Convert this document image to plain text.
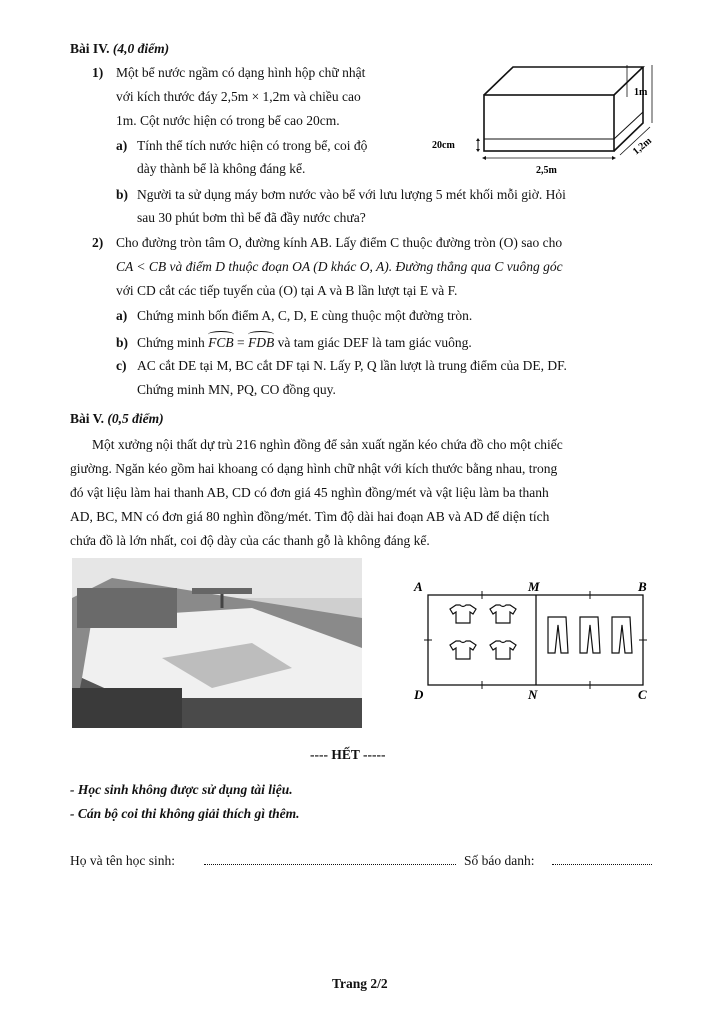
Bài IV. (4,0 điểm)
1) Một bể nước ngầm có dạng hình hộp chữ nhật
với kích thước đáy 2,5m × 1,2m và chiều cao
1m. Cột nước hiện có trong bể cao 20cm.
a) Tính thể tích nước hiện có trong bể, coi độ
dày thành bể là không đáng kể.
20cm
1m
2,5m
1,2m
b) Người ta sử dụng máy bơm nước vào bể với lưu lượng 5 mét khối mỗi giờ. Hỏi
sau 30 phút bơm thì bể đã đầy nước chưa?
2) Cho đường tròn tâm O, đường kính AB. Lấy điểm C thuộc đường tròn (O) sao cho
CA < CB và điểm D thuộc đoạn OA (D khác O, A). Đường thẳng qua C vuông góc
với CD cắt các tiếp tuyến của (O) tại A và B lần lượt tại E và F.
a) Chứng minh bốn điểm A, C, D, E cùng thuộc một đường tròn.
b) Chứng minh FCB = FDB và tam giác DEF là tam giác vuông.
c) AC cắt DE tại M, BC cắt DF tại N. Lấy P, Q lần lượt là trung điểm của DE, DF.
Chứng minh MN, PQ, CO đồng quy.
Bài V. (0,5 điểm)
Một xưởng nội thất dự trù 216 nghìn đồng để sản xuất ngăn kéo chứa đồ cho một chiếc
giường. Ngăn kéo gồm hai khoang có dạng hình chữ nhật với kích thước bằng nhau, trong
đó vật liệu làm hai thanh AB, CD có đơn giá 45 nghìn đồng/mét và vật liệu làm ba thanh
AD, BC, MN có đơn giá 80 nghìn đồng/mét. Tìm độ dài hai đoạn AB và AD để diện tích
chứa đồ là lớn nhất, coi độ dày của các thanh gỗ là không đáng kể.
A	M	B
D	N	C
---- HẾT -----
- Học sinh không được sử dụng tài liệu.
- Cán bộ coi thi không giải thích gì thêm.
Họ và tên học sinh:	Số báo danh:
Trang 2/2
